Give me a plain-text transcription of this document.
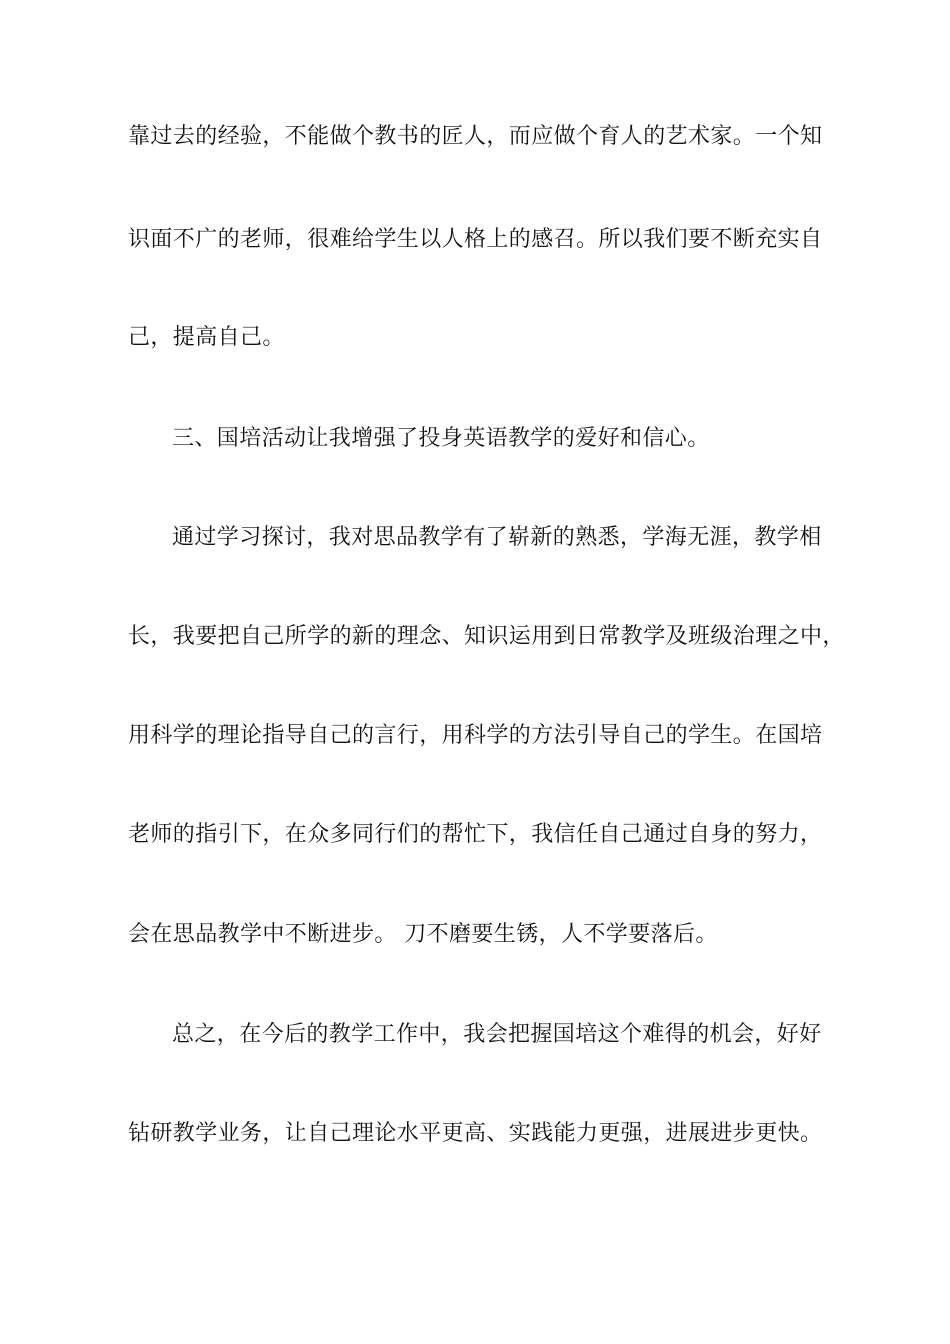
靠过去的经验，不能做个教书的匠人，而应做个育人的艺术家。一个知
识面不广的老师，很难给学生以人格上的感召。所以我们要不断充实自
己，提高自己。
三、国培活动让我增强了投身英语教学的爱好和信心。
通过学习探讨，我对思品教学有了崭新的熟悉，学海无涯，教学相
长，我要把自己所学的新的理念、知识运用到日常教学及班级治理之中，
用科学的理论指导自己的言行，用科学的方法引导自己的学生。在国培
老师的指引下，在众多同行们的帮忙下，我信任自己通过自身的努力，
会在思品教学中不断进步。 刀不磨要生锈，人不学要落后。
总之，在今后的教学工作中，我会把握国培这个难得的机会，好好
钻研教学业务，让自己理论水平更高、实践能力更强，进展进步更快。
